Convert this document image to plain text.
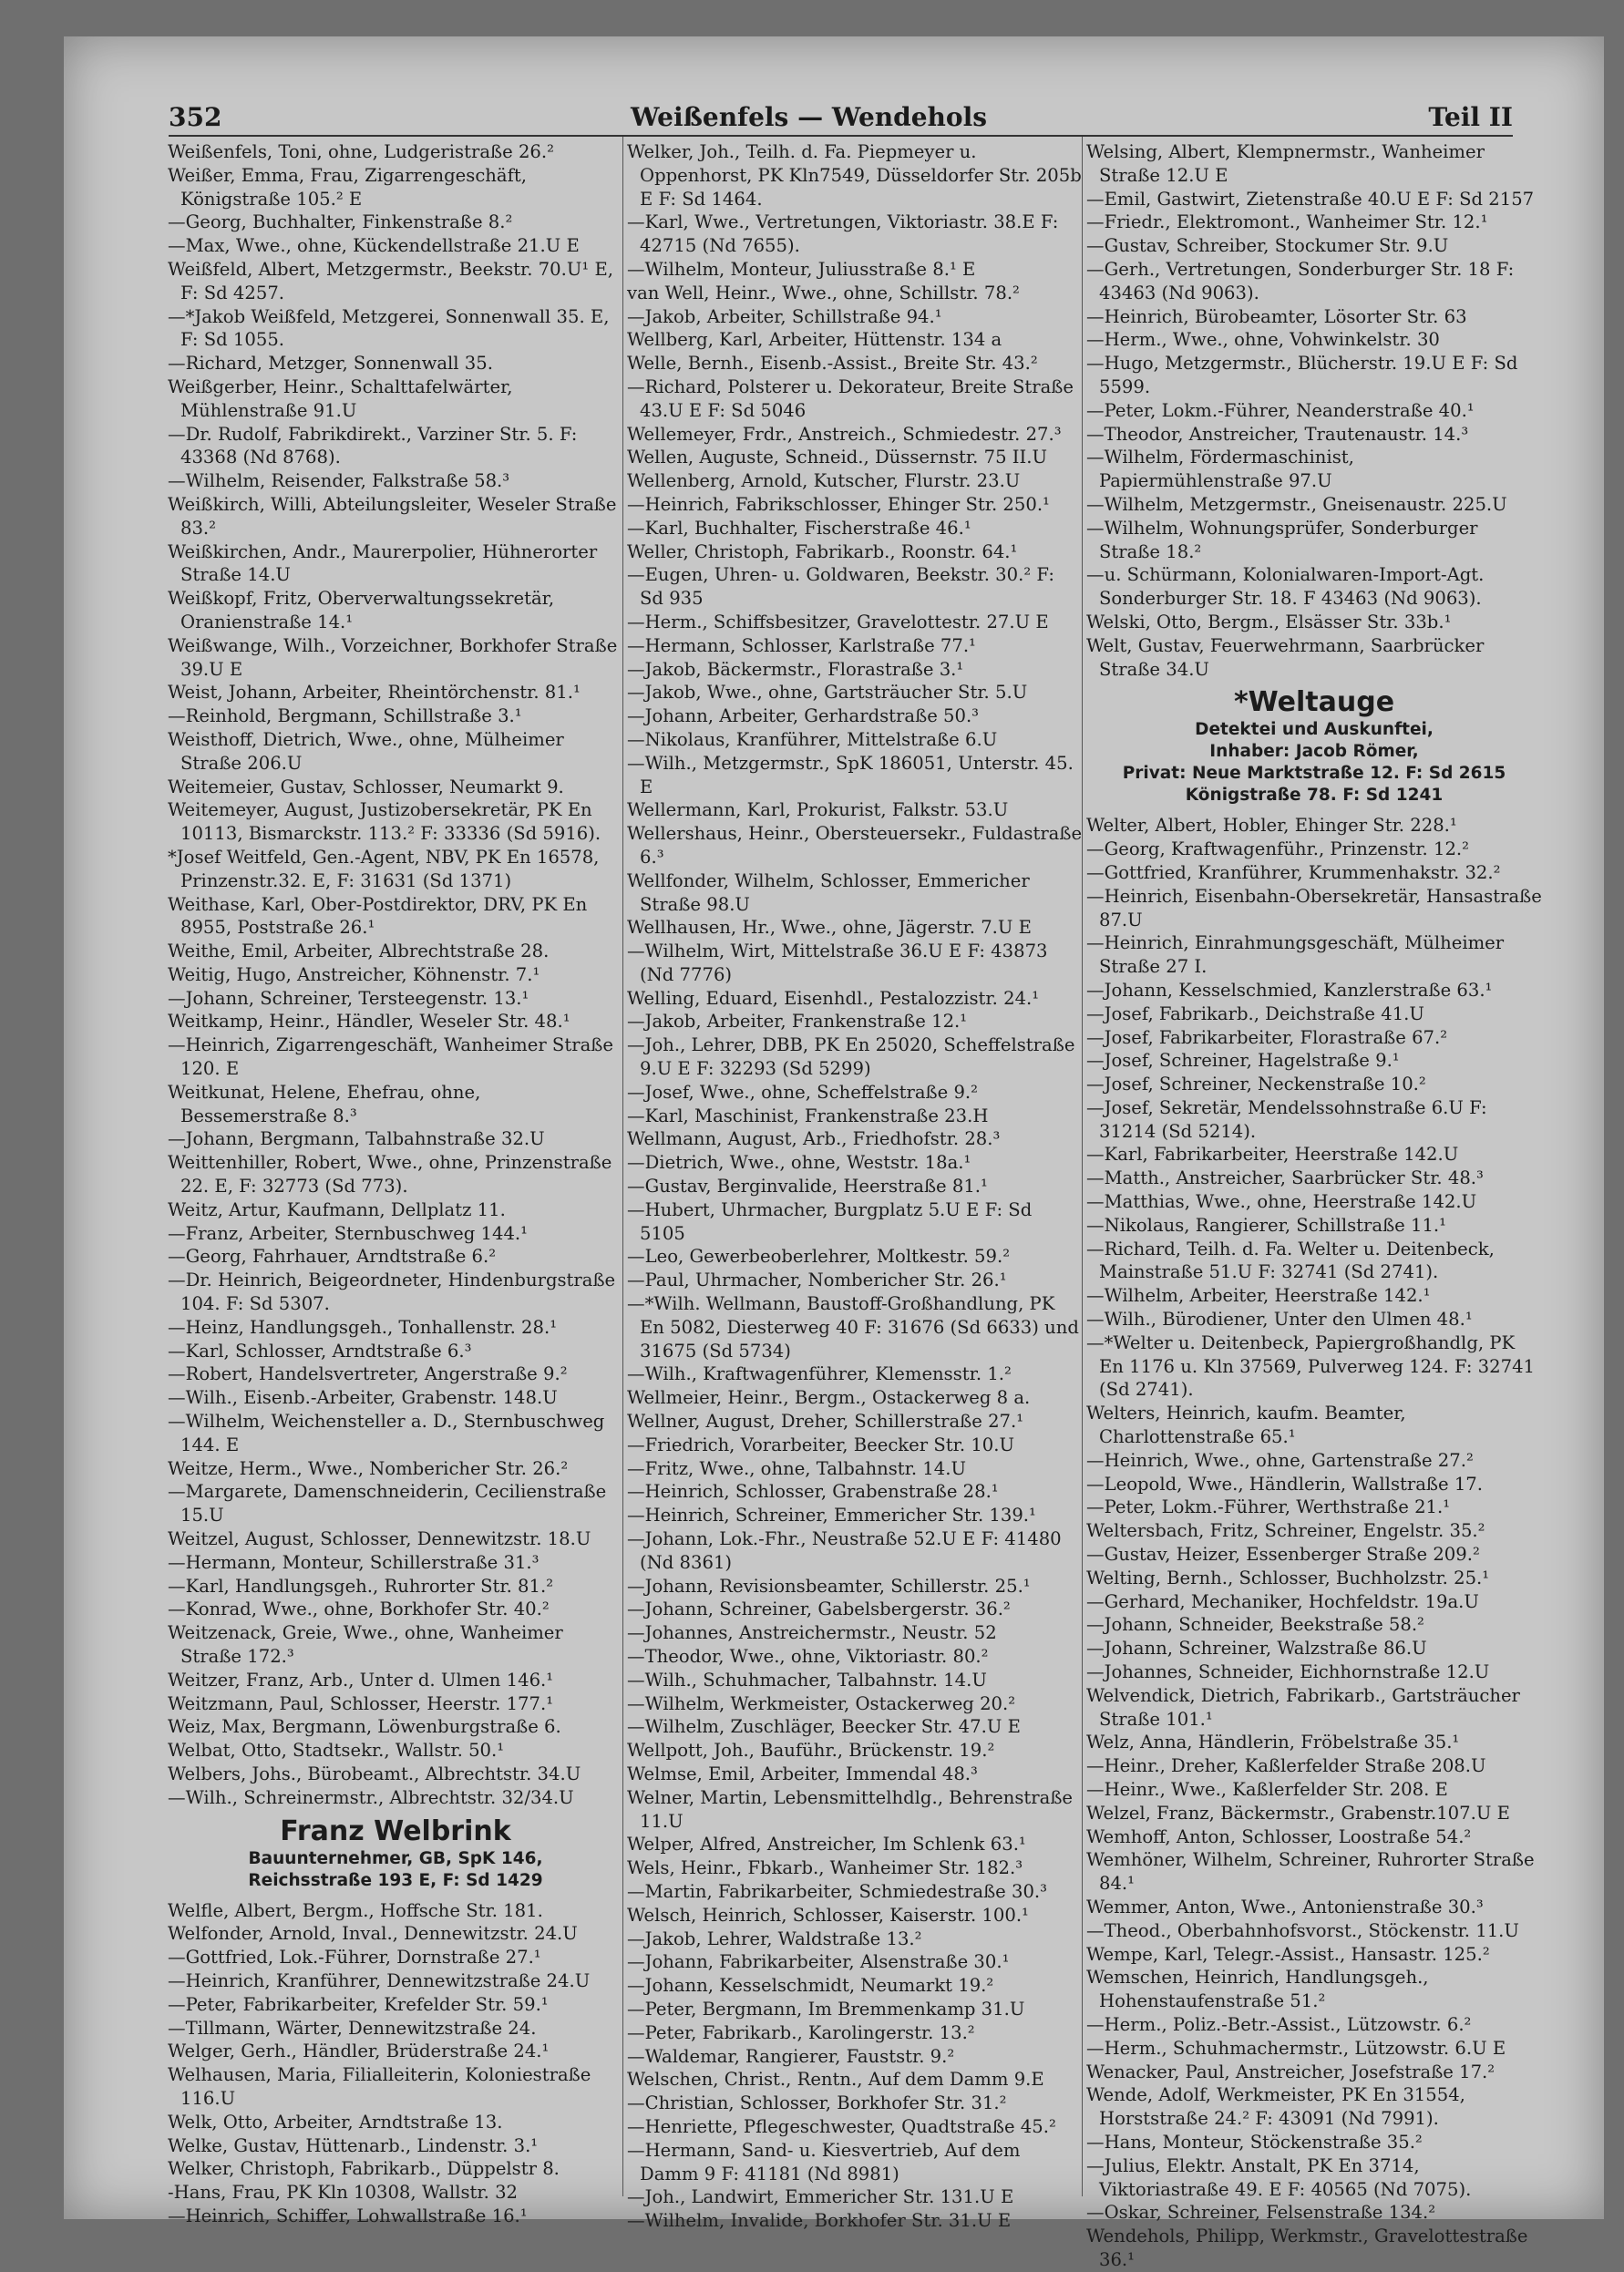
352	Weißenfels — Wendehols	Teil II
Weißenfels, Toni, ohne, Ludgeristraße 26.²
Weißer, Emma, Frau, Zigarrengeschäft, Königstraße 105.² E
—Georg, Buchhalter, Finkenstraße 8.²
—Max, Wwe., ohne, Kückendellstraße 21.U E
Weißfeld, Albert, Metzgermstr., Beekstr. 70.U¹ E, F: Sd 4257.
—*Jakob Weißfeld, Metzgerei, Sonnenwall 35. E, F: Sd 1055.
—Richard, Metzger, Sonnenwall 35.
Weißgerber, Heinr., Schalttafelwärter, Mühlenstraße 91.U
—Dr. Rudolf, Fabrikdirekt., Varziner Str. 5. F: 43368 (Nd 8768).
—Wilhelm, Reisender, Falkstraße 58.³
Weißkirch, Willi, Abteilungsleiter, Weseler Straße 83.²
Weißkirchen, Andr., Maurerpolier, Hühnerorter Straße 14.U
Weißkopf, Fritz, Oberverwaltungssekretär, Oranienstraße 14.¹
Weißwange, Wilh., Vorzeichner, Borkhofer Straße 39.U E
Weist, Johann, Arbeiter, Rheintörchenstr. 81.¹
—Reinhold, Bergmann, Schillstraße 3.¹
Weisthoff, Dietrich, Wwe., ohne, Mülheimer Straße 206.U
Weitemeier, Gustav, Schlosser, Neumarkt 9.
Weitemeyer, August, Justizobersekretär, PK En 10113, Bismarckstr. 113.² F: 33336 (Sd 5916).
*Josef Weitfeld, Gen.-Agent, NBV, PK En 16578, Prinzenstr.32. E, F: 31631 (Sd 1371)
Weithase, Karl, Ober-Postdirektor, DRV, PK En 8955, Poststraße 26.¹
Weithe, Emil, Arbeiter, Albrechtstraße 28.
Weitig, Hugo, Anstreicher, Köhnenstr. 7.¹
—Johann, Schreiner, Tersteegenstr. 13.¹
Weitkamp, Heinr., Händler, Weseler Str. 48.¹
—Heinrich, Zigarrengeschäft, Wanheimer Straße 120. E
Weitkunat, Helene, Ehefrau, ohne, Bessemerstraße 8.³
—Johann, Bergmann, Talbahnstraße 32.U
Weittenhiller, Robert, Wwe., ohne, Prinzenstraße 22. E, F: 32773 (Sd 773).
Weitz, Artur, Kaufmann, Dellplatz 11.
—Franz, Arbeiter, Sternbuschweg 144.¹
—Georg, Fahrhauer, Arndtstraße 6.²
—Dr. Heinrich, Beigeordneter, Hindenburgstraße 104. F: Sd 5307.
—Heinz, Handlungsgeh., Tonhallenstr. 28.¹
—Karl, Schlosser, Arndtstraße 6.³
—Robert, Handelsvertreter, Angerstraße 9.²
—Wilh., Eisenb.-Arbeiter, Grabenstr. 148.U
—Wilhelm, Weichensteller a. D., Sternbuschweg 144. E
Weitze, Herm., Wwe., Nombericher Str. 26.²
—Margarete, Damenschneiderin, Cecilienstraße 15.U
Weitzel, August, Schlosser, Dennewitzstr. 18.U
—Hermann, Monteur, Schillerstraße 31.³
—Karl, Handlungsgeh., Ruhrorter Str. 81.²
—Konrad, Wwe., ohne, Borkhofer Str. 40.²
Weitzenack, Greie, Wwe., ohne, Wanheimer Straße 172.³
Weitzer, Franz, Arb., Unter d. Ulmen 146.¹
Weitzmann, Paul, Schlosser, Heerstr. 177.¹
Weiz, Max, Bergmann, Löwenburgstraße 6.
Welbat, Otto, Stadtsekr., Wallstr. 50.¹
Welbers, Johs., Bürobeamt., Albrechtstr. 34.U
—Wilh., Schreinermstr., Albrechtstr. 32/34.U
Franz Welbrink
Bauunternehmer, GB, SpK 146,
Reichsstraße 193 E, F: Sd 1429
Welfle, Albert, Bergm., Hoffsche Str. 181.
Welfonder, Arnold, Inval., Dennewitzstr. 24.U
—Gottfried, Lok.-Führer, Dornstraße 27.¹
—Heinrich, Kranführer, Dennewitzstraße 24.U
—Peter, Fabrikarbeiter, Krefelder Str. 59.¹
—Tillmann, Wärter, Dennewitzstraße 24.
Welger, Gerh., Händler, Brüderstraße 24.¹
Welhausen, Maria, Filialleiterin, Koloniestraße 116.U
Welk, Otto, Arbeiter, Arndtstraße 13.
Welke, Gustav, Hüttenarb., Lindenstr. 3.¹
Welker, Christoph, Fabrikarb., Düppelstr 8.
-Hans, Frau, PK Kln 10308, Wallstr. 32
—Heinrich, Schiffer, Lohwallstraße 16.¹
Welker, Joh., Teilh. d. Fa. Piepmeyer u. Oppenhorst, PK Kln7549, Düsseldorfer Str. 205b E F: Sd 1464.
—Karl, Wwe., Vertretungen, Viktoriastr. 38.E F: 42715 (Nd 7655).
—Wilhelm, Monteur, Juliusstraße 8.¹ E
van Well, Heinr., Wwe., ohne, Schillstr. 78.²
—Jakob, Arbeiter, Schillstraße 94.¹
Wellberg, Karl, Arbeiter, Hüttenstr. 134 a
Welle, Bernh., Eisenb.-Assist., Breite Str. 43.²
—Richard, Polsterer u. Dekorateur, Breite Straße 43.U E F: Sd 5046
Wellemeyer, Frdr., Anstreich., Schmiedestr. 27.³
Wellen, Auguste, Schneid., Düssernstr. 75 II.U
Wellenberg, Arnold, Kutscher, Flurstr. 23.U
—Heinrich, Fabrikschlosser, Ehinger Str. 250.¹
—Karl, Buchhalter, Fischerstraße 46.¹
Weller, Christoph, Fabrikarb., Roonstr. 64.¹
—Eugen, Uhren- u. Goldwaren, Beekstr. 30.² F: Sd 935
—Herm., Schiffsbesitzer, Gravelottestr. 27.U E
—Hermann, Schlosser, Karlstraße 77.¹
—Jakob, Bäckermstr., Florastraße 3.¹
—Jakob, Wwe., ohne, Gartsträucher Str. 5.U
—Johann, Arbeiter, Gerhardstraße 50.³
—Nikolaus, Kranführer, Mittelstraße 6.U
—Wilh., Metzgermstr., SpK 186051, Unterstr. 45. E
Wellermann, Karl, Prokurist, Falkstr. 53.U
Wellershaus, Heinr., Obersteuersekr., Fuldastraße 6.³
Wellfonder, Wilhelm, Schlosser, Emmericher Straße 98.U
Wellhausen, Hr., Wwe., ohne, Jägerstr. 7.U E
—Wilhelm, Wirt, Mittelstraße 36.U E F: 43873 (Nd 7776)
Welling, Eduard, Eisenhdl., Pestalozzistr. 24.¹
—Jakob, Arbeiter, Frankenstraße 12.¹
—Joh., Lehrer, DBB, PK En 25020, Scheffelstraße 9.U E F: 32293 (Sd 5299)
—Josef, Wwe., ohne, Scheffelstraße 9.²
—Karl, Maschinist, Frankenstraße 23.H
Wellmann, August, Arb., Friedhofstr. 28.³
—Dietrich, Wwe., ohne, Weststr. 18a.¹
—Gustav, Berginvalide, Heerstraße 81.¹
—Hubert, Uhrmacher, Burgplatz 5.U E F: Sd 5105
—Leo, Gewerbeoberlehrer, Moltkestr. 59.²
—Paul, Uhrmacher, Nombericher Str. 26.¹
—*Wilh. Wellmann, Baustoff-Großhandlung, PK En 5082, Diesterweg 40 F: 31676 (Sd 6633) und 31675 (Sd 5734)
—Wilh., Kraftwagenführer, Klemensstr. 1.²
Wellmeier, Heinr., Bergm., Ostackerweg 8 a.
Wellner, August, Dreher, Schillerstraße 27.¹
—Friedrich, Vorarbeiter, Beecker Str. 10.U
—Fritz, Wwe., ohne, Talbahnstr. 14.U
—Heinrich, Schlosser, Grabenstraße 28.¹
—Heinrich, Schreiner, Emmericher Str. 139.¹
—Johann, Lok.-Fhr., Neustraße 52.U E F: 41480 (Nd 8361)
—Johann, Revisionsbeamter, Schillerstr. 25.¹
—Johann, Schreiner, Gabelsbergerstr. 36.²
—Johannes, Anstreichermstr., Neustr. 52
—Theodor, Wwe., ohne, Viktoriastr. 80.²
—Wilh., Schuhmacher, Talbahnstr. 14.U
—Wilhelm, Werkmeister, Ostackerweg 20.²
—Wilhelm, Zuschläger, Beecker Str. 47.U E
Wellpott, Joh., Bauführ., Brückenstr. 19.²
Welmse, Emil, Arbeiter, Immendal 48.³
Welner, Martin, Lebensmittelhdlg., Behrenstraße 11.U
Welper, Alfred, Anstreicher, Im Schlenk 63.¹
Wels, Heinr., Fbkarb., Wanheimer Str. 182.³
—Martin, Fabrikarbeiter, Schmiedestraße 30.³
Welsch, Heinrich, Schlosser, Kaiserstr. 100.¹
—Jakob, Lehrer, Waldstraße 13.²
—Johann, Fabrikarbeiter, Alsenstraße 30.¹
—Johann, Kesselschmidt, Neumarkt 19.²
—Peter, Bergmann, Im Bremmenkamp 31.U
—Peter, Fabrikarb., Karolingerstr. 13.²
—Waldemar, Rangierer, Fauststr. 9.²
Welschen, Christ., Rentn., Auf dem Damm 9.E
—Christian, Schlosser, Borkhofer Str. 31.²
—Henriette, Pflegeschwester, Quadtstraße 45.²
—Hermann, Sand- u. Kiesvertrieb, Auf dem Damm 9 F: 41181 (Nd 8981)
—Joh., Landwirt, Emmericher Str. 131.U E
—Wilhelm, Invalide, Borkhofer Str. 31.U E
Welsing, Albert, Klempnermstr., Wanheimer Straße 12.U E
—Emil, Gastwirt, Zietenstraße 40.U E F: Sd 2157
—Friedr., Elektromont., Wanheimer Str. 12.¹
—Gustav, Schreiber, Stockumer Str. 9.U
—Gerh., Vertretungen, Sonderburger Str. 18 F: 43463 (Nd 9063).
—Heinrich, Bürobeamter, Lösorter Str. 63
—Herm., Wwe., ohne, Vohwinkelstr. 30
—Hugo, Metzgermstr., Blücherstr. 19.U E F: Sd 5599.
—Peter, Lokm.-Führer, Neanderstraße 40.¹
—Theodor, Anstreicher, Trautenaustr. 14.³
—Wilhelm, Fördermaschinist, Papiermühlenstraße 97.U
—Wilhelm, Metzgermstr., Gneisenaustr. 225.U
—Wilhelm, Wohnungsprüfer, Sonderburger Straße 18.²
—u. Schürmann, Kolonialwaren-Import-Agt. Sonderburger Str. 18. F 43463 (Nd 9063).
Welski, Otto, Bergm., Elsässer Str. 33b.¹
Welt, Gustav, Feuerwehrmann, Saarbrücker Straße 34.U
*Weltauge
Detektei und Auskunftei,
Inhaber: Jacob Römer,
Privat: Neue Marktstraße 12. F: Sd 2615
Königstraße 78. F: Sd 1241
Welter, Albert, Hobler, Ehinger Str. 228.¹
—Georg, Kraftwagenführ., Prinzenstr. 12.²
—Gottfried, Kranführer, Krummenhakstr. 32.²
—Heinrich, Eisenbahn-Obersekretär, Hansastraße 87.U
—Heinrich, Einrahmungsgeschäft, Mülheimer Straße 27 I.
—Johann, Kesselschmied, Kanzlerstraße 63.¹
—Josef, Fabrikarb., Deichstraße 41.U
—Josef, Fabrikarbeiter, Florastraße 67.²
—Josef, Schreiner, Hagelstraße 9.¹
—Josef, Schreiner, Neckenstraße 10.²
—Josef, Sekretär, Mendelssohnstraße 6.U F: 31214 (Sd 5214).
—Karl, Fabrikarbeiter, Heerstraße 142.U
—Matth., Anstreicher, Saarbrücker Str. 48.³
—Matthias, Wwe., ohne, Heerstraße 142.U
—Nikolaus, Rangierer, Schillstraße 11.¹
—Richard, Teilh. d. Fa. Welter u. Deitenbeck, Mainstraße 51.U F: 32741 (Sd 2741).
—Wilhelm, Arbeiter, Heerstraße 142.¹
—Wilh., Bürodiener, Unter den Ulmen 48.¹
—*Welter u. Deitenbeck, Papiergroßhandlg, PK En 1176 u. Kln 37569, Pulverweg 124. F: 32741 (Sd 2741).
Welters, Heinrich, kaufm. Beamter, Charlottenstraße 65.¹
—Heinrich, Wwe., ohne, Gartenstraße 27.²
—Leopold, Wwe., Händlerin, Wallstraße 17.
—Peter, Lokm.-Führer, Werthstraße 21.¹
Weltersbach, Fritz, Schreiner, Engelstr. 35.²
—Gustav, Heizer, Essenberger Straße 209.²
Welting, Bernh., Schlosser, Buchholzstr. 25.¹
—Gerhard, Mechaniker, Hochfeldstr. 19a.U
—Johann, Schneider, Beekstraße 58.²
—Johann, Schreiner, Walzstraße 86.U
—Johannes, Schneider, Eichhornstraße 12.U
Welvendick, Dietrich, Fabrikarb., Gartsträucher Straße 101.¹
Welz, Anna, Händlerin, Fröbelstraße 35.¹
—Heinr., Dreher, Kaßlerfelder Straße 208.U
—Heinr., Wwe., Kaßlerfelder Str. 208. E
Welzel, Franz, Bäckermstr., Grabenstr.107.U E
Wemhoff, Anton, Schlosser, Loostraße 54.²
Wemhöner, Wilhelm, Schreiner, Ruhrorter Straße 84.¹
Wemmer, Anton, Wwe., Antonienstraße 30.³
—Theod., Oberbahnhofsvorst., Stöckenstr. 11.U
Wempe, Karl, Telegr.-Assist., Hansastr. 125.²
Wemschen, Heinrich, Handlungsgeh., Hohenstaufenstraße 51.²
—Herm., Poliz.-Betr.-Assist., Lützowstr. 6.²
—Herm., Schuhmachermstr., Lützowstr. 6.U E
Wenacker, Paul, Anstreicher, Josefstraße 17.²
Wende, Adolf, Werkmeister, PK En 31554, Horststraße 24.² F: 43091 (Nd 7991).
—Hans, Monteur, Stöckenstraße 35.²
—Julius, Elektr. Anstalt, PK En 3714, Viktoriastraße 49. E F: 40565 (Nd 7075).
—Oskar, Schreiner, Felsenstraße 134.²
Wendehols, Philipp, Werkmstr., Gravelottestraße 36.¹
